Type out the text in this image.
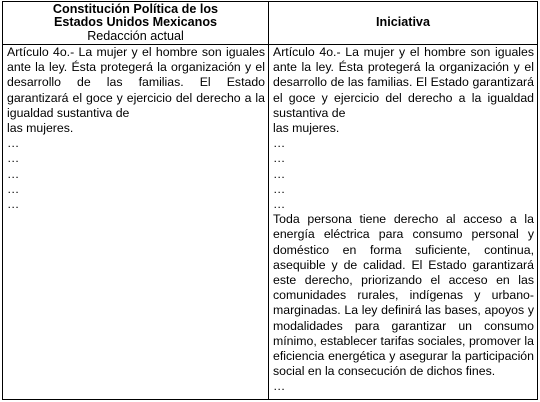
Constitución Política de los Estados Unidos Mexicanos
Redacción actual
Iniciativa

Artículo 4o.- La mujer y el hombre son iguales ante la ley. Ésta protegerá la organización y el desarrollo de las familias. El Estado garantizará el goce y ejercicio del derecho a la igualdad sustantiva de

las mujeres.
…
…
…
…
…

Artículo 4o.- La mujer y el hombre son iguales ante la ley. Ésta protegerá la organización y el desarrollo de las familias. El Estado garantizará el goce y ejercicio del derecho a la igualdad sustantiva de

las mujeres.
…
…
…
…
…

Toda persona tiene derecho al acceso a la energía eléctrica para consumo personal y doméstico en forma suficiente, continua, asequible y de calidad. El Estado garantizará este derecho, priorizando el acceso en las comunidades rurales, indígenas y urbano-marginadas. La ley definirá las bases, apoyos y modalidades para garantizar un consumo mínimo, establecer tarifas sociales, promover la eficiencia energética y asegurar la participación social en la consecución de dichos fines.

…
